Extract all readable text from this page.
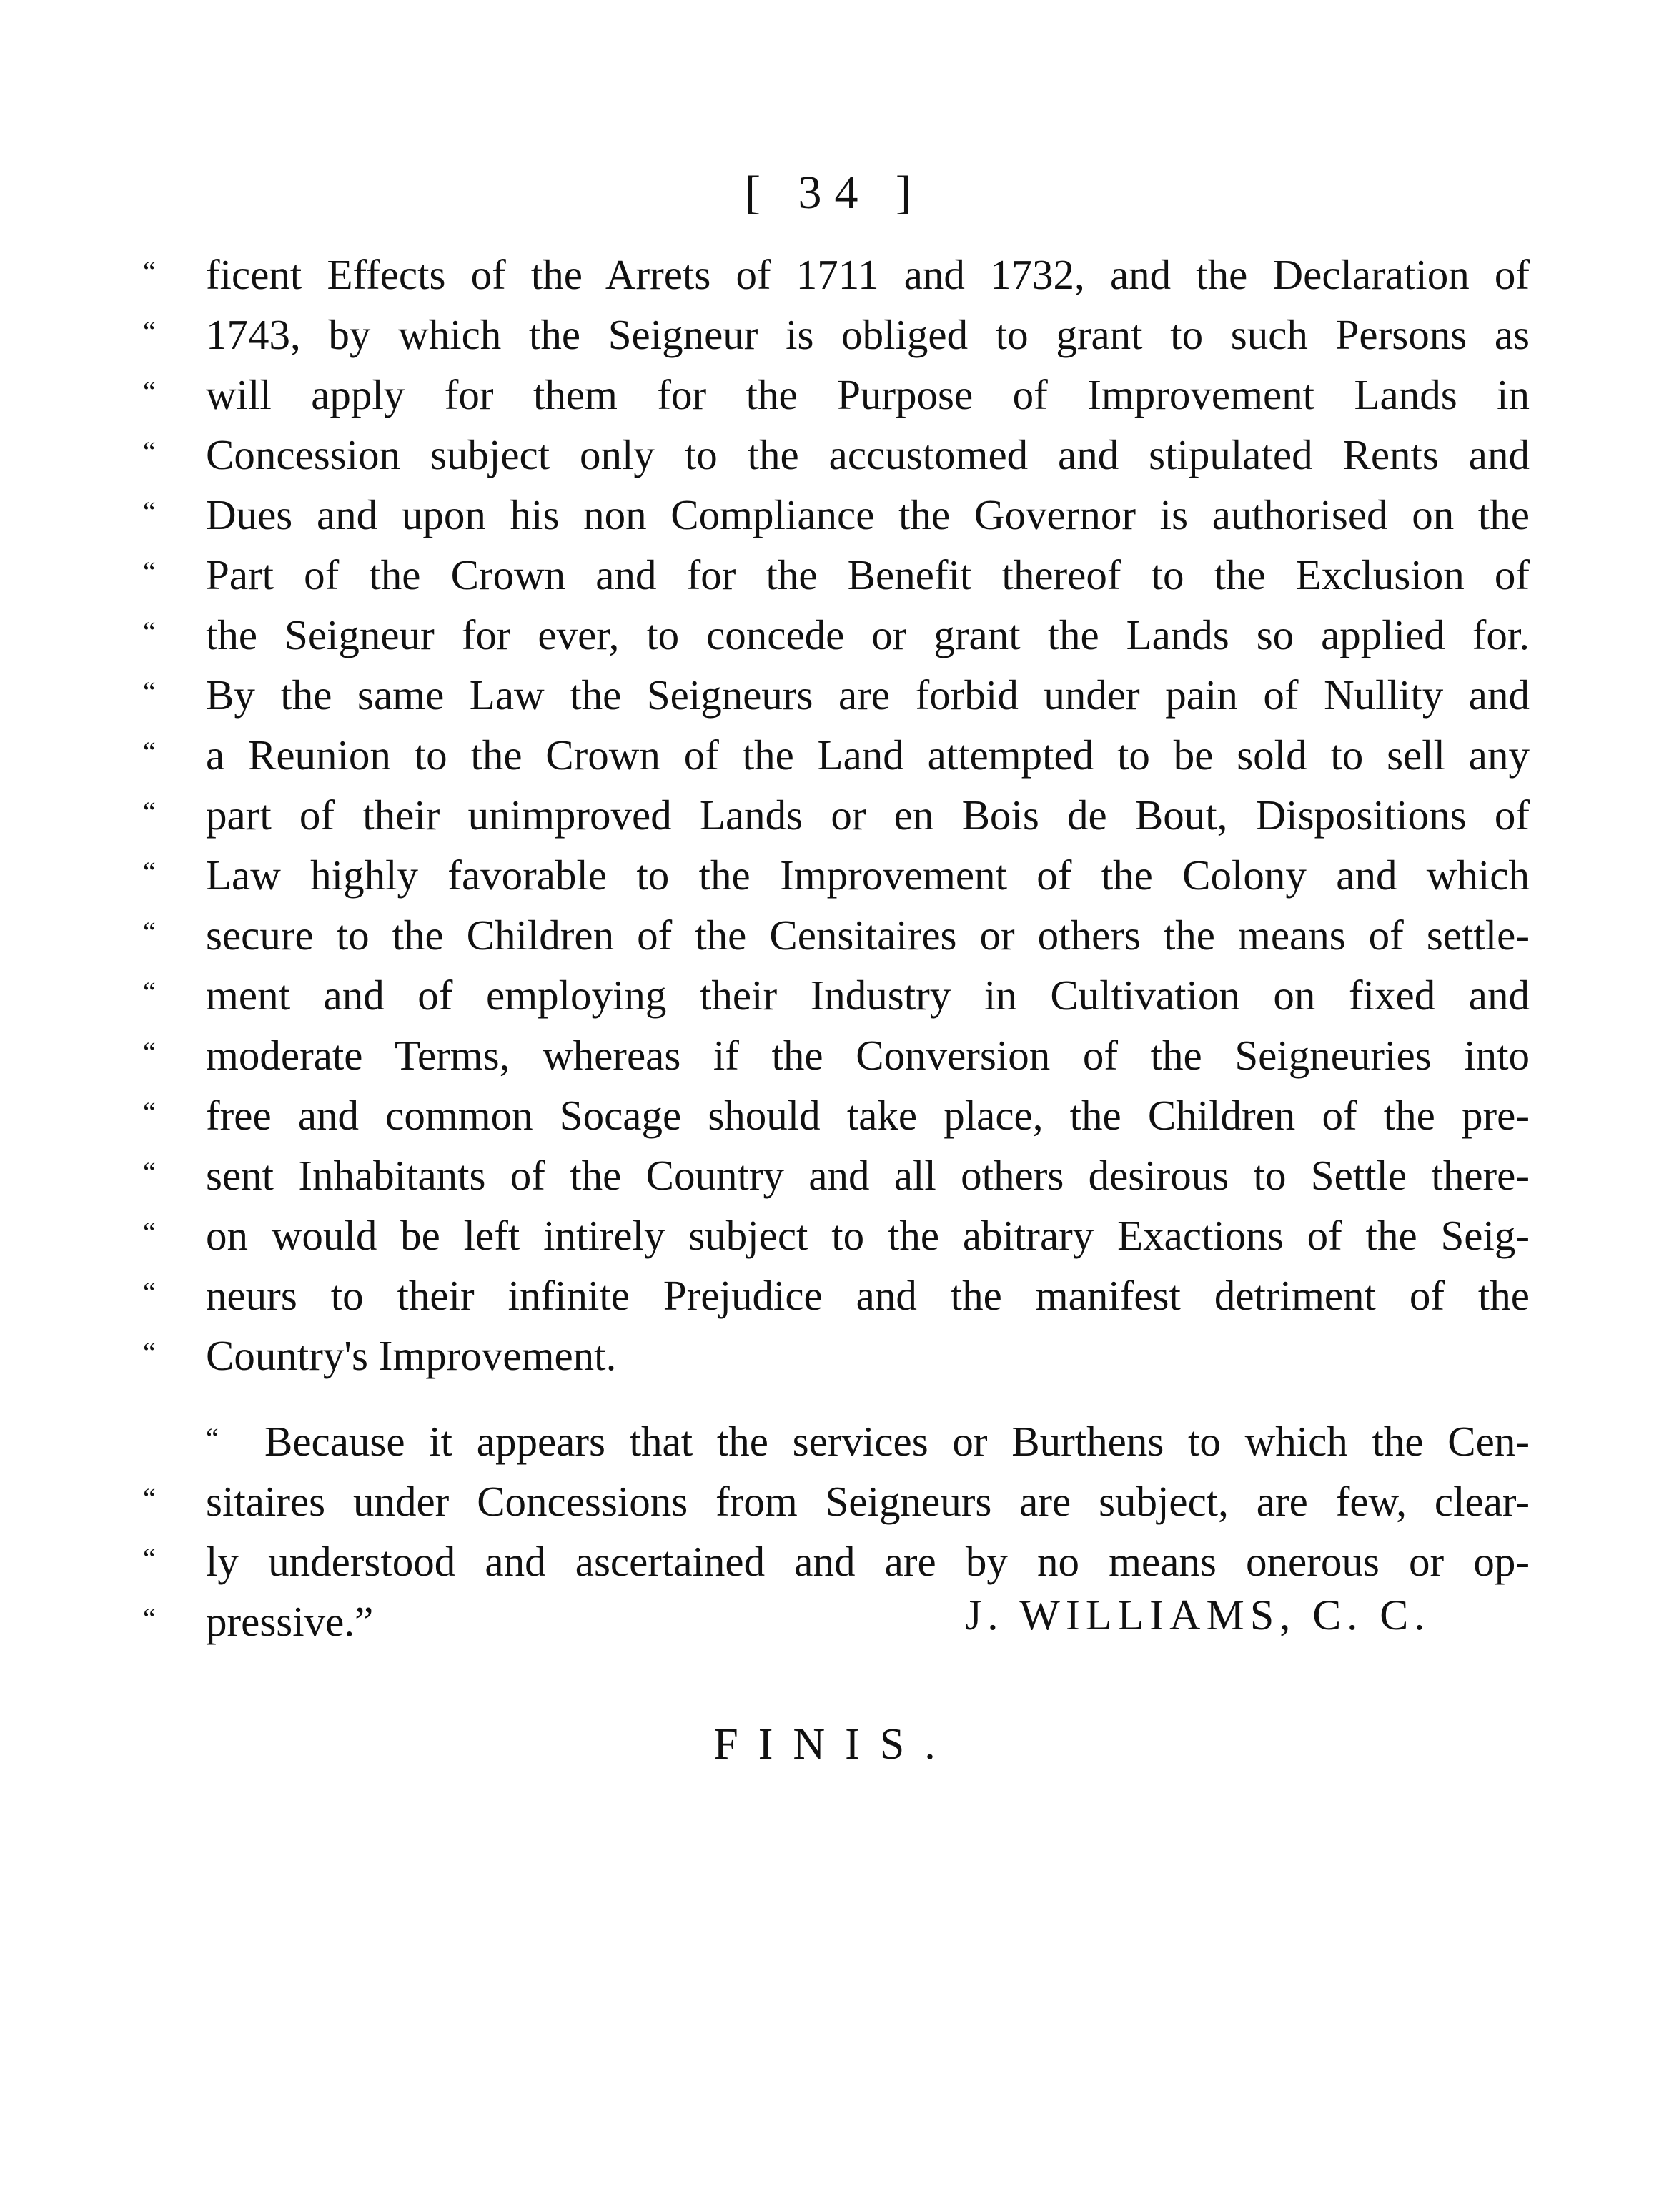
[ 34 ]
“	ficent Effects of the Arrets of 1711 and 1732, and the Declaration of
“	1743, by which the Seigneur is obliged to grant to such Persons as
“	will apply for them for the Purpose of Improvement Lands in
“	Concession subject only to the accustomed and stipulated Rents and
“	Dues and upon his non Compliance the Governor is authorised on the
“	Part of the Crown and for the Benefit thereof to the Exclusion of
“	the Seigneur for ever, to concede or grant the Lands so applied for.
“	By the same Law the Seigneurs are forbid under pain of Nullity and
“	a Reunion to the Crown of the Land attempted to be sold to sell any
“	part of their unimproved Lands or en Bois de Bout, Dispositions of
“	Law highly favorable to the Improvement of the Colony and which
“	secure to the Children of the Censitaires or others the means of settle-
“	ment and of employing their Industry in Cultivation on fixed and
“	moderate Terms, whereas if the Conversion of the Seigneuries into
“	free and common Socage should take place, the Children of the pre-
“	sent Inhabitants of the Country and all others desirous to Settle there-
“	on would be left intirely subject to the abitrary Exactions of the Seig-
“	neurs to their infinite Prejudice and the manifest detriment of the
“	Country's Improvement.
“	Because it appears that the services or Burthens to which the Cen-
“	sitaires under Concessions from Seigneurs are subject, are few, clear-
“	ly understood and ascertained and are by no means onerous or op-
“	pressive.”	J. WILLIAMS, C. C.
FINIS.
